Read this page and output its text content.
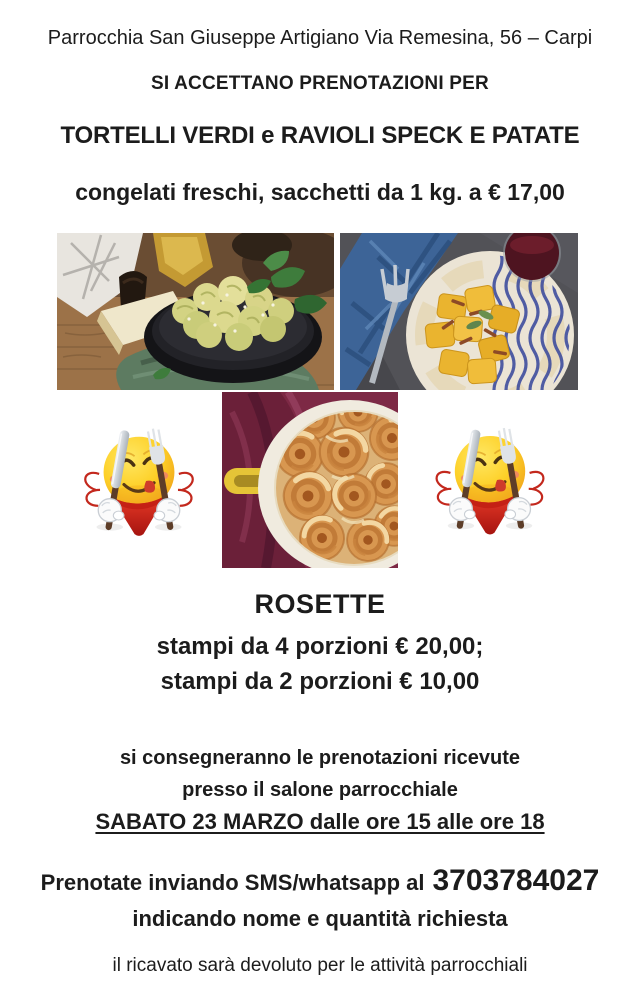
Parrocchia San Giuseppe Artigiano Via Remesina, 56 – Carpi
SI ACCETTANO PRENOTAZIONI PER
TORTELLI VERDI e RAVIOLI SPECK E PATATE
congelati freschi, sacchetti da 1 kg. a € 17,00
ROSETTE
stampi da 4 porzioni € 20,00;
stampi da 2 porzioni € 10,00
si consegneranno le prenotazioni ricevute
presso il salone parrocchiale
SABATO 23 MARZO dalle ore 15 alle ore 18
Prenotate inviando SMS/whatsapp al 3703784027
indicando nome e quantità richiesta
il ricavato sarà devoluto per le attività parrocchiali
